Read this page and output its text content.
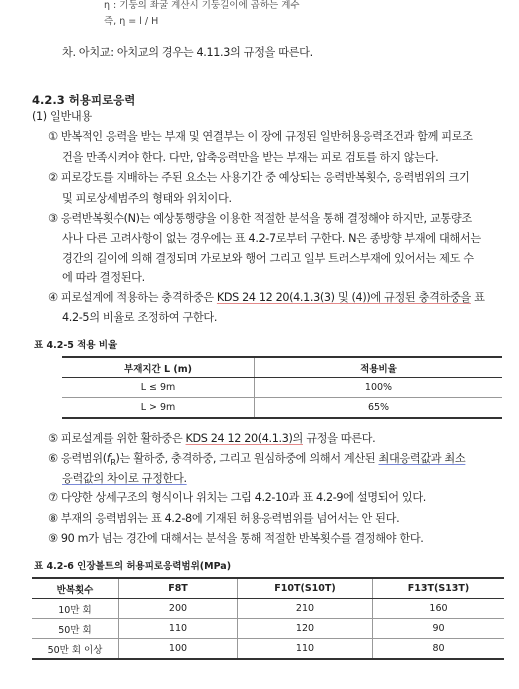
η : 기둥의 좌굴 계산시 기둥길이에 곱하는 계수
즉, η = l / H
차. 아치교: 아치교의 경우는 4.11.3의 규정을 따른다.
4.2.3 허용피로응력
(1) 일반내용
① 반복적인 응력을 받는 부재 및 연결부는 이 장에 규정된 일반허용응력조건과 함께 피로조
건을 만족시켜야 한다. 다만, 압축응력만을 받는 부재는 피로 검토를 하지 않는다.
② 피로강도를 지배하는 주된 요소는 사용기간 중 예상되는 응력반복횟수, 응력범위의 크기
및 피로상세범주의 형태와 위치이다.
③ 응력반복횟수(N)는 예상통행량을 이용한 적절한 분석을 통해 결정해야 하지만, 교통량조
사나 다른 고려사항이 없는 경우에는 표 4.2-7로부터 구한다. N은 종방향 부재에 대해서는
경간의 길이에 의해 결정되며 가로보와 행어 그리고 일부 트러스부재에 있어서는 제도 수
에 따라 결정된다.
④ 피로설계에 적용하는 충격하중은 KDS 24 12 20(4.1.3(3) 및 (4))에 규정된 충격하중을 표
4.2-5의 비율로 조정하여 구한다.
표 4.2-5 적용 비율
부재지간 L (m)	적용비율
L ≤ 9m	100%
L > 9m	65%
⑤ 피로설계를 위한 활하중은 KDS 24 12 20(4.1.3)의 규정을 따른다.
⑥ 응력범위$(f_R)$는 활하중, 충격하중, 그리고 원심하중에 의해서 계산된 최대응력값과 최소
응력값의 차이로 규정한다.
⑦ 다양한 상세구조의 형식이나 위치는 그림 4.2-10과 표 4.2-9에 설명되어 있다.
⑧ 부재의 응력범위는 표 4.2-8에 기재된 허용응력범위를 넘어서는 안 된다.
⑨ 90 m가 넘는 경간에 대해서는 분석을 통해 적절한 반복횟수를 결정해야 한다.
표 4.2-6 인장볼트의 허용피로응력범위(MPa)
반복횟수	F8T	F10T(S10T)	F13T(S13T)
10만 회	200	210	160
50만 회	110	120	90
50만 회 이상	100	110	80
